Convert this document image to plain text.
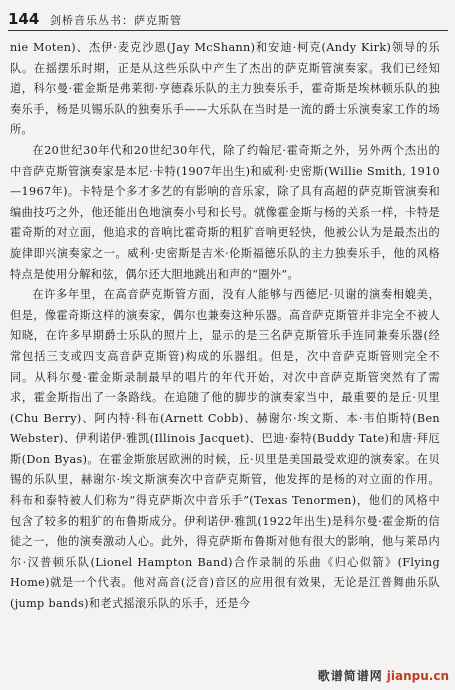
144 剑桥音乐丛书：萨克斯管

nie Moten)、杰伊·麦克沙恩(Jay McShann)和安迪·柯克(Andy Kirk)领导的乐队。在摇摆乐时期，正是从这些乐队中产生了杰出的萨克斯管演奏家。我们已经知道，科尔曼·霍金斯是弗莱彻·亨德森乐队的主力独奏乐手，霍奇斯是埃林顿乐队的独奏乐手，杨是贝锡乐队的独奏乐手——大乐队在当时是一流的爵士乐演奏家工作的场所。

在20世纪30年代和20世纪30年代，除了约翰尼·霍奇斯之外，另外两个杰出的中音萨克斯管演奏家是本尼·卡特(1907年出生)和威利·史密斯(Willie Smith, 1910—1967年)。卡特是个多才多艺的有影响的音乐家，除了具有高超的萨克斯管演奏和编曲技巧之外，他还能出色地演奏小号和长号。就像霍金斯与杨的关系一样，卡特是霍奇斯的对立面，他追求的音响比霍奇斯的粗犷音响更轻快，他被公认为是最杰出的旋律即兴演奏家之一。威利·史密斯是吉米·伦斯福德乐队的主力独奏乐手，他的风格特点是使用分解和弦，偶尔还大胆地跳出和声的“圈外”。

在许多年里，在高音萨克斯管方面，没有人能够与西德尼·贝谢的演奏相媲美，但是，像霍奇斯这样的演奏家，偶尔也兼奏这种乐器。高音萨克斯管并非完全不被人知晓，在许多早期爵士乐队的照片上，显示的是三名萨克斯管乐手连同兼奏乐器(经常包括三支或四支高音萨克斯管)构成的乐器组。但是，次中音萨克斯管则完全不同。从科尔曼·霍金斯录制最早的唱片的年代开始，对次中音萨克斯管突然有了需求，霍金斯指出了一条路线。在追随了他的脚步的演奏家当中，最重要的是丘·贝里(Chu Berry)、阿内特·科布(Arnett Cobb)、赫谢尔·埃文斯、本·韦伯斯特(Ben Webster)、伊利诺伊·雅凯(Illinois Jacquet)、巴迪·泰特(Buddy Tate)和唐·拜厄斯(Don Byas)。在霍金斯旅居欧洲的时候，丘·贝里是美国最受欢迎的演奏家。在贝锡的乐队里，赫谢尔·埃文斯演奏次中音萨克斯管，他发挥的是杨的对立面的作用。科布和泰特被人们称为“得克萨斯次中音乐手”(Texas Tenormen)，他们的风格中包含了较多的粗犷的布鲁斯成分。伊利诺伊·雅凯(1922年出生)是科尔曼·霍金斯的信徒之一，他的演奏激动人心。此外，得克萨斯布鲁斯对他有很大的影响，他与莱昂内尔·汉普顿乐队(Lionel Hampton Band)合作录制的乐曲《归心似箭》(Flying Home)就是一个代表。他对高音(泛音)音区的应用很有效果，无论是江普舞曲乐队(jump bands)和老式摇滚乐队的乐手，还是今

歌谱简谱网 jianpu.cn
